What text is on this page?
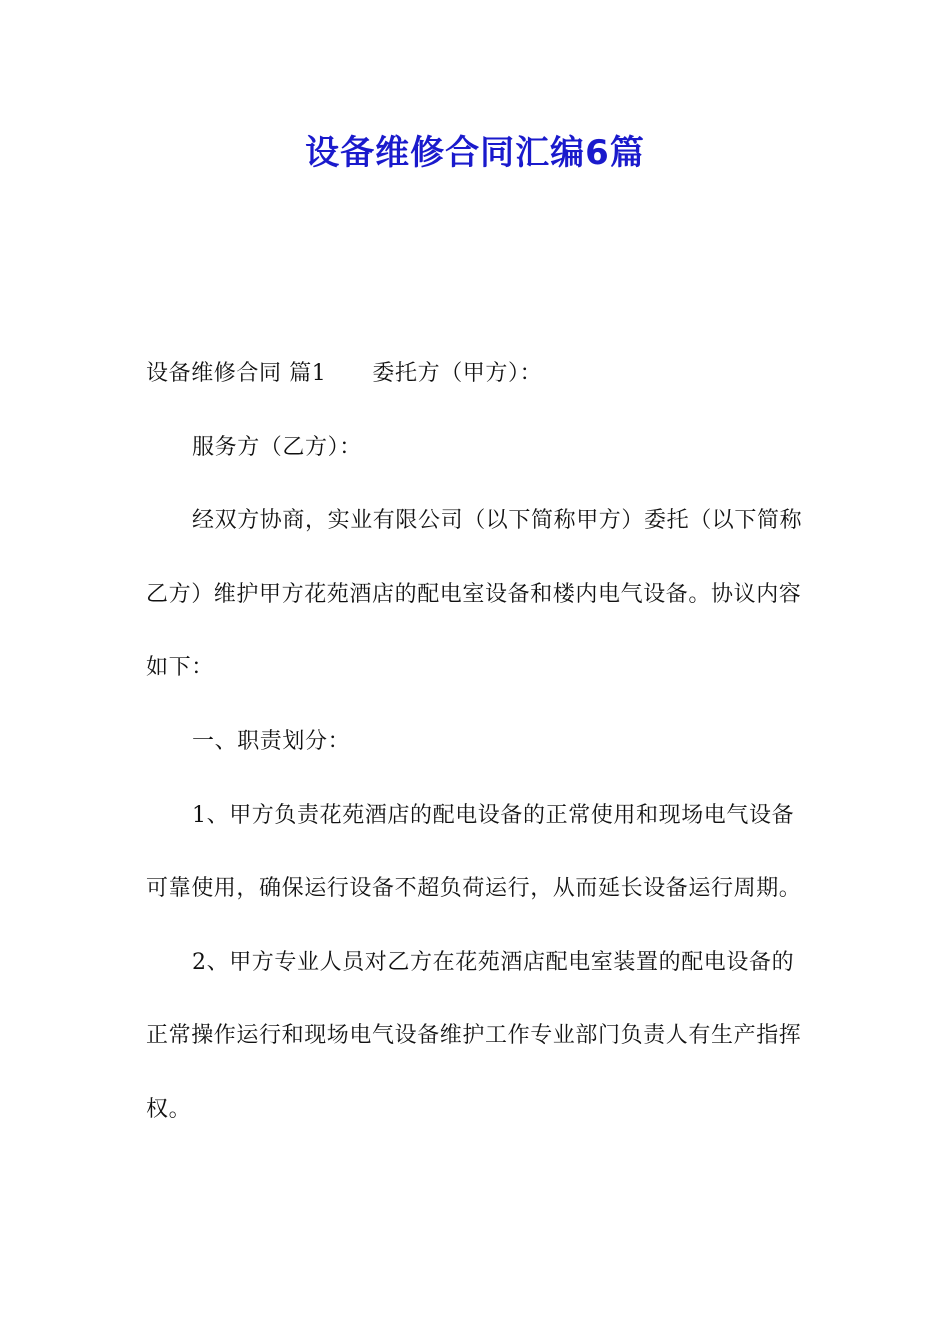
设备维修合同汇编6篇

设备维修合同 篇1 委托方（甲方）：

服务方（乙方）：

经双方协商，实业有限公司（以下简称甲方）委托（以下简称乙方）维护甲方花苑酒店的配电室设备和楼内电气设备。协议内容如下：

一、职责划分：

1、甲方负责花苑酒店的配电设备的正常使用和现场电气设备可靠使用，确保运行设备不超负荷运行，从而延长设备运行周期。

2、甲方专业人员对乙方在花苑酒店配电室装置的配电设备的正常操作运行和现场电气设备维护工作专业部门负责人有生产指挥权。
